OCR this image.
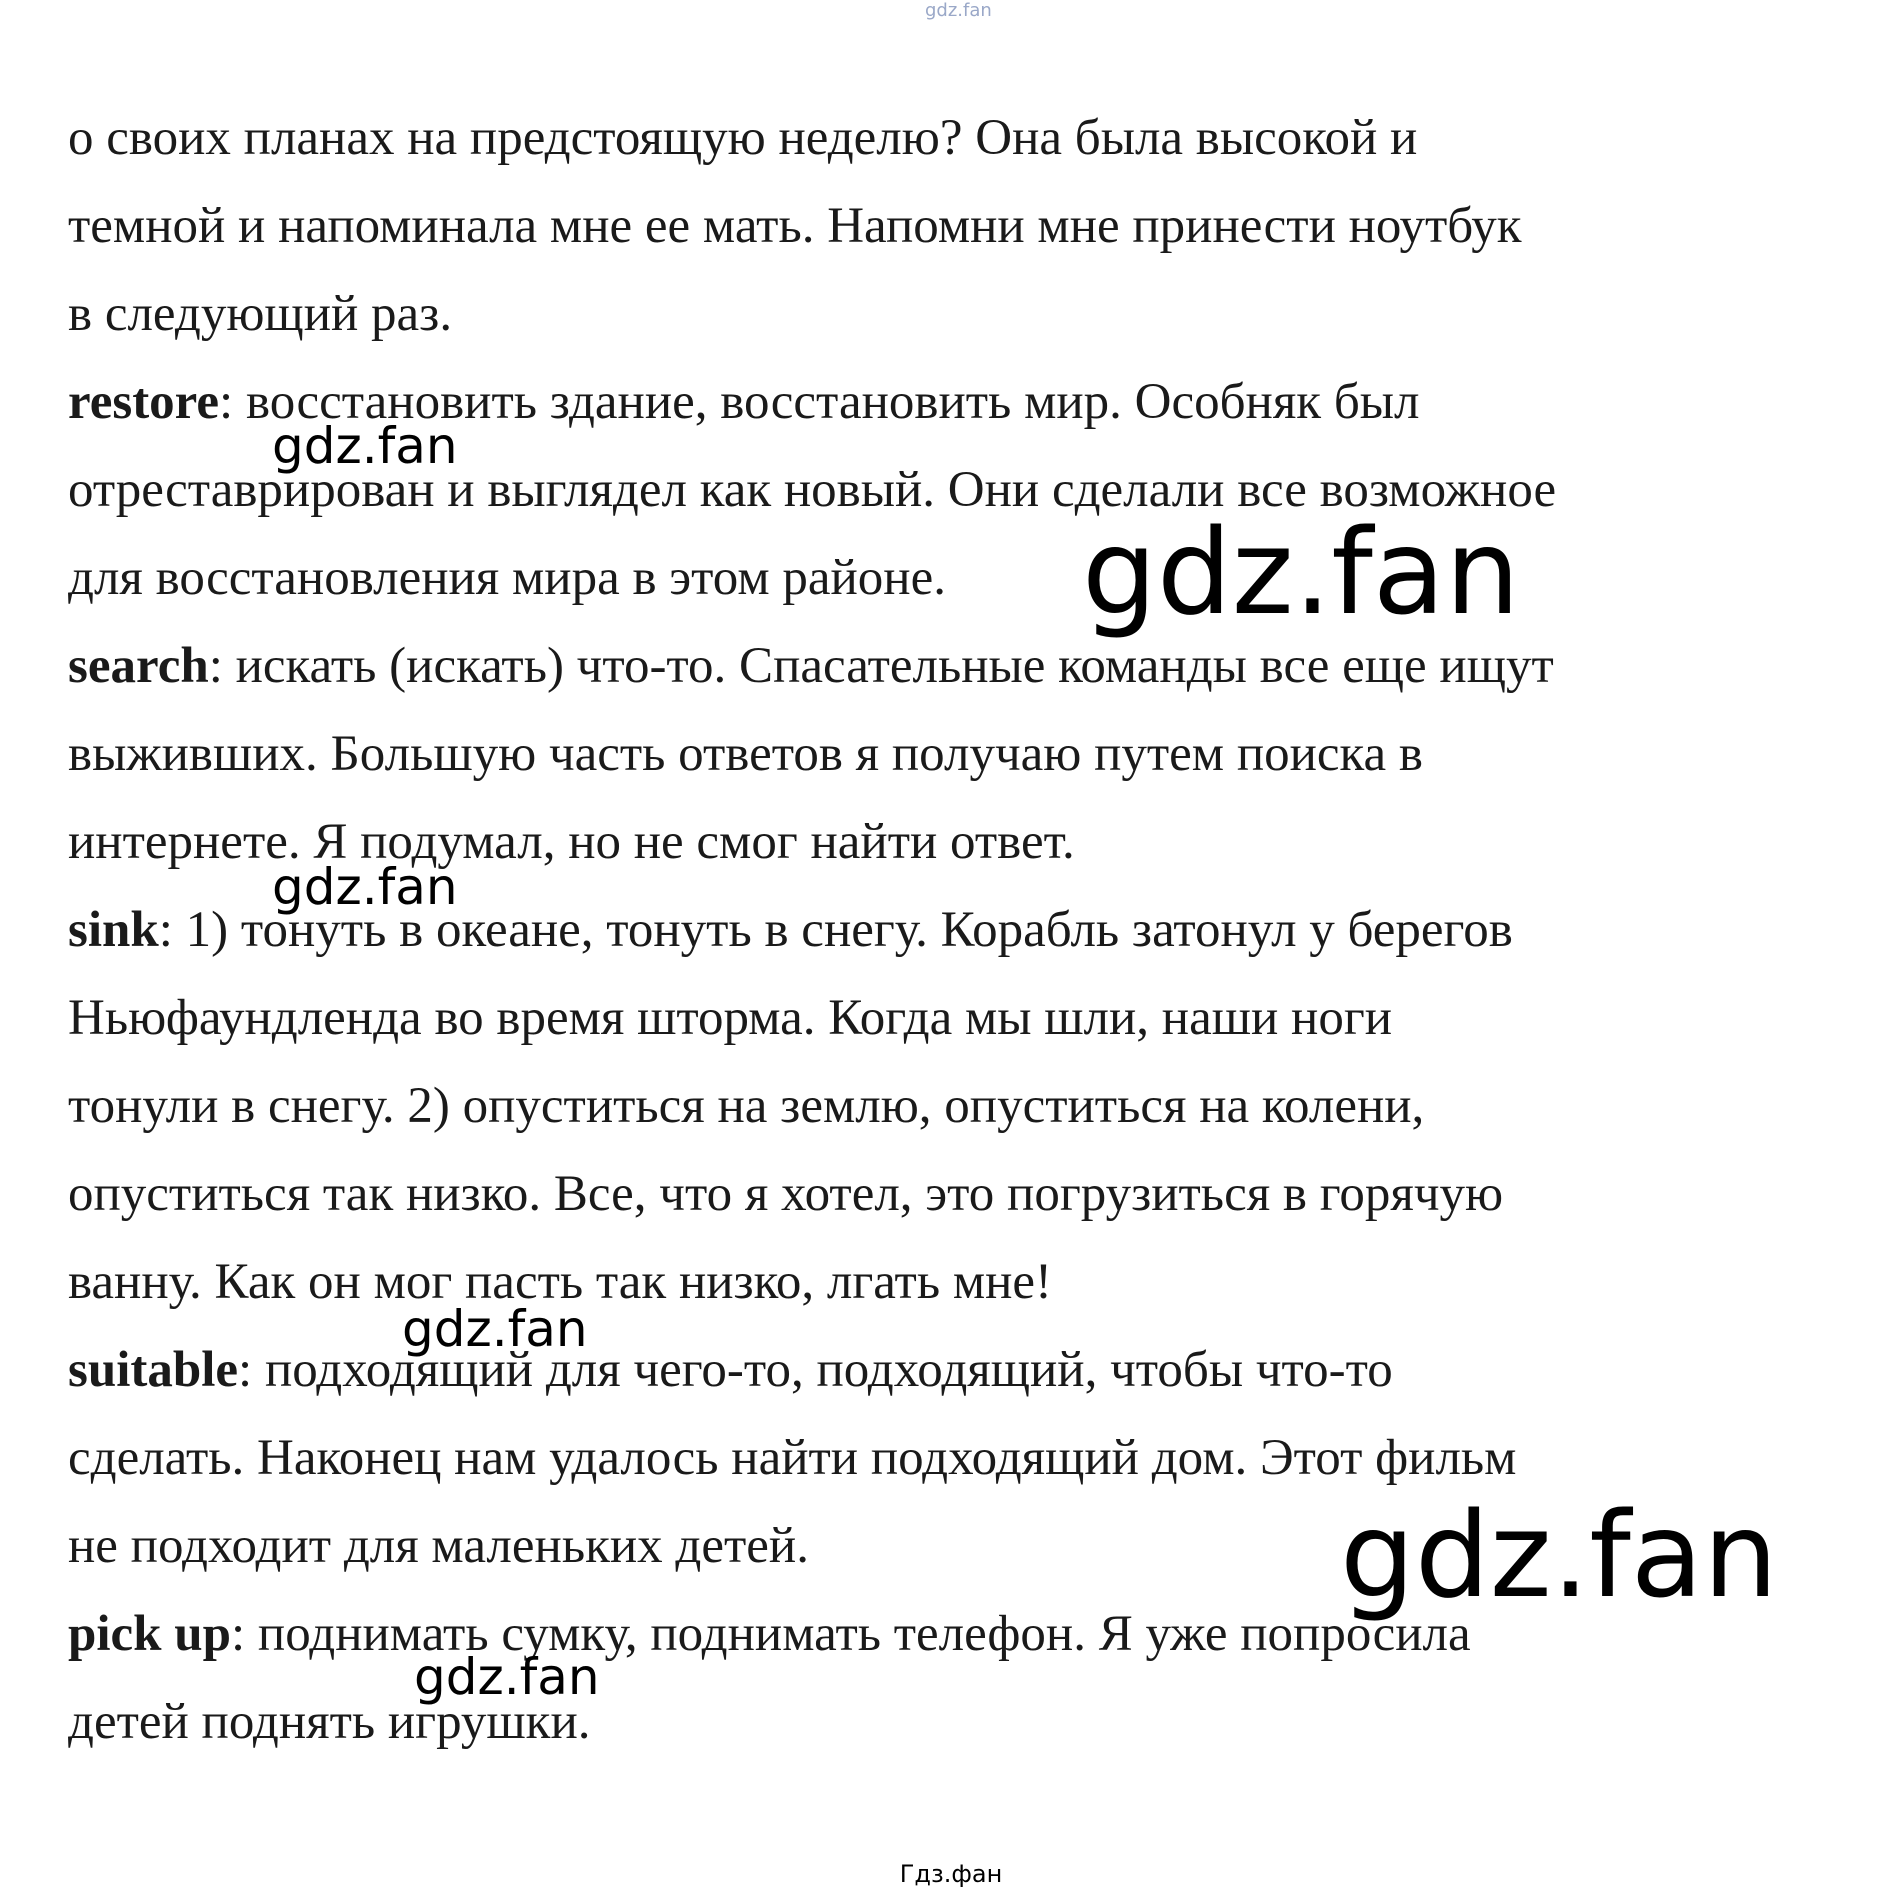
gdz.fan
о своих планах на предстоящую неделю? Она была высокой и
темной и напоминала мне ее мать. Напомни мне принести ноутбук
в следующий раз.
restore: восстановить здание, восстановить мир. Особняк был
отреставрирован и выглядел как новый. Они сделали все возможное
для восстановления мира в этом районе.
search: искать (искать) что-то. Спасательные команды все еще ищут
выживших. Большую часть ответов я получаю путем поиска в
интернете. Я подумал, но не смог найти ответ.
sink: 1) тонуть в океане, тонуть в снегу. Корабль затонул у берегов
Ньюфаундленда во время шторма. Когда мы шли, наши ноги
тонули в снегу. 2) опуститься на землю, опуститься на колени,
опуститься так низко. Все, что я хотел, это погрузиться в горячую
ванну. Как он мог пасть так низко, лгать мне!
suitable: подходящий для чего-то, подходящий, чтобы что-то
сделать. Наконец нам удалось найти подходящий дом. Этот фильм
не подходит для маленьких детей.
pick up: поднимать сумку, поднимать телефон. Я уже попросила
детей поднять игрушки.
gdz.fan
gdz.fan
gdz.fan
gdz.fan
gdz.fan
gdz.fan
Гдз.фан
